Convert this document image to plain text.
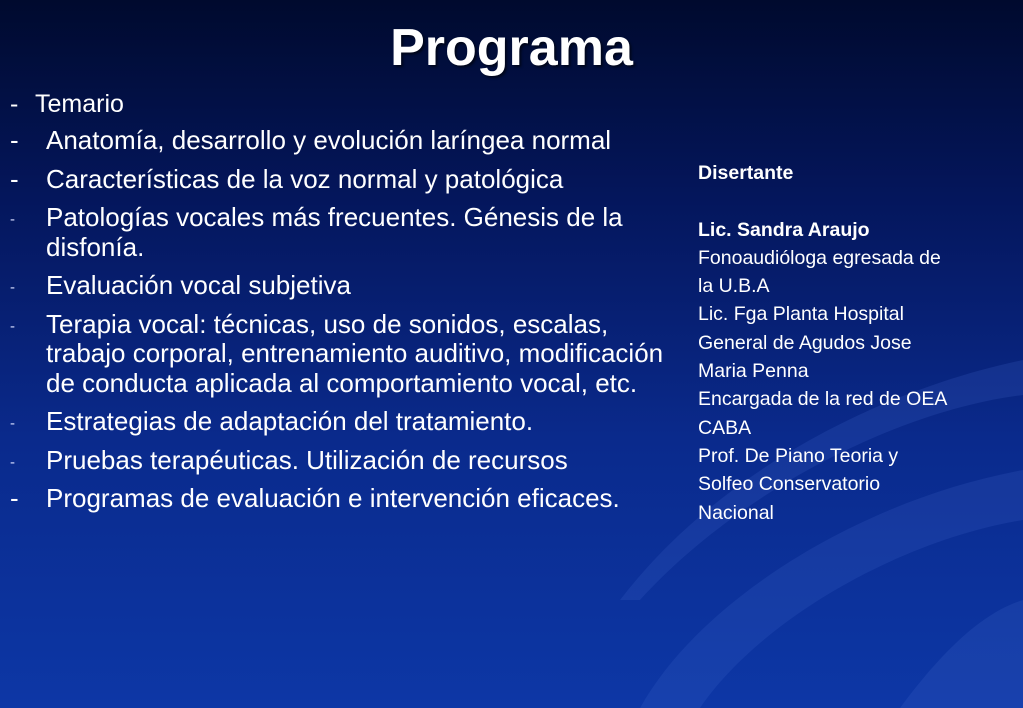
Programa
- Temario
- Anatomía, desarrollo y evolución laríngea normal
- Características de la voz normal y patológica
- Patologías vocales más frecuentes. Génesis de la disfonía.
- Evaluación vocal subjetiva
- Terapia vocal: técnicas, uso de sonidos, escalas, trabajo corporal, entrenamiento auditivo, modificación de conducta aplicada al comportamiento vocal, etc.
- Estrategias de adaptación del tratamiento.
- Pruebas terapéuticas. Utilización de recursos
- Programas de evaluación e intervención eficaces.
Disertante
Lic. Sandra Araujo
Fonoaudióloga egresada de
la U.B.A
Lic. Fga Planta Hospital
General de Agudos Jose
Maria Penna
Encargada de la red de OEA
CABA
Prof. De Piano Teoria y
Solfeo Conservatorio
Nacional
